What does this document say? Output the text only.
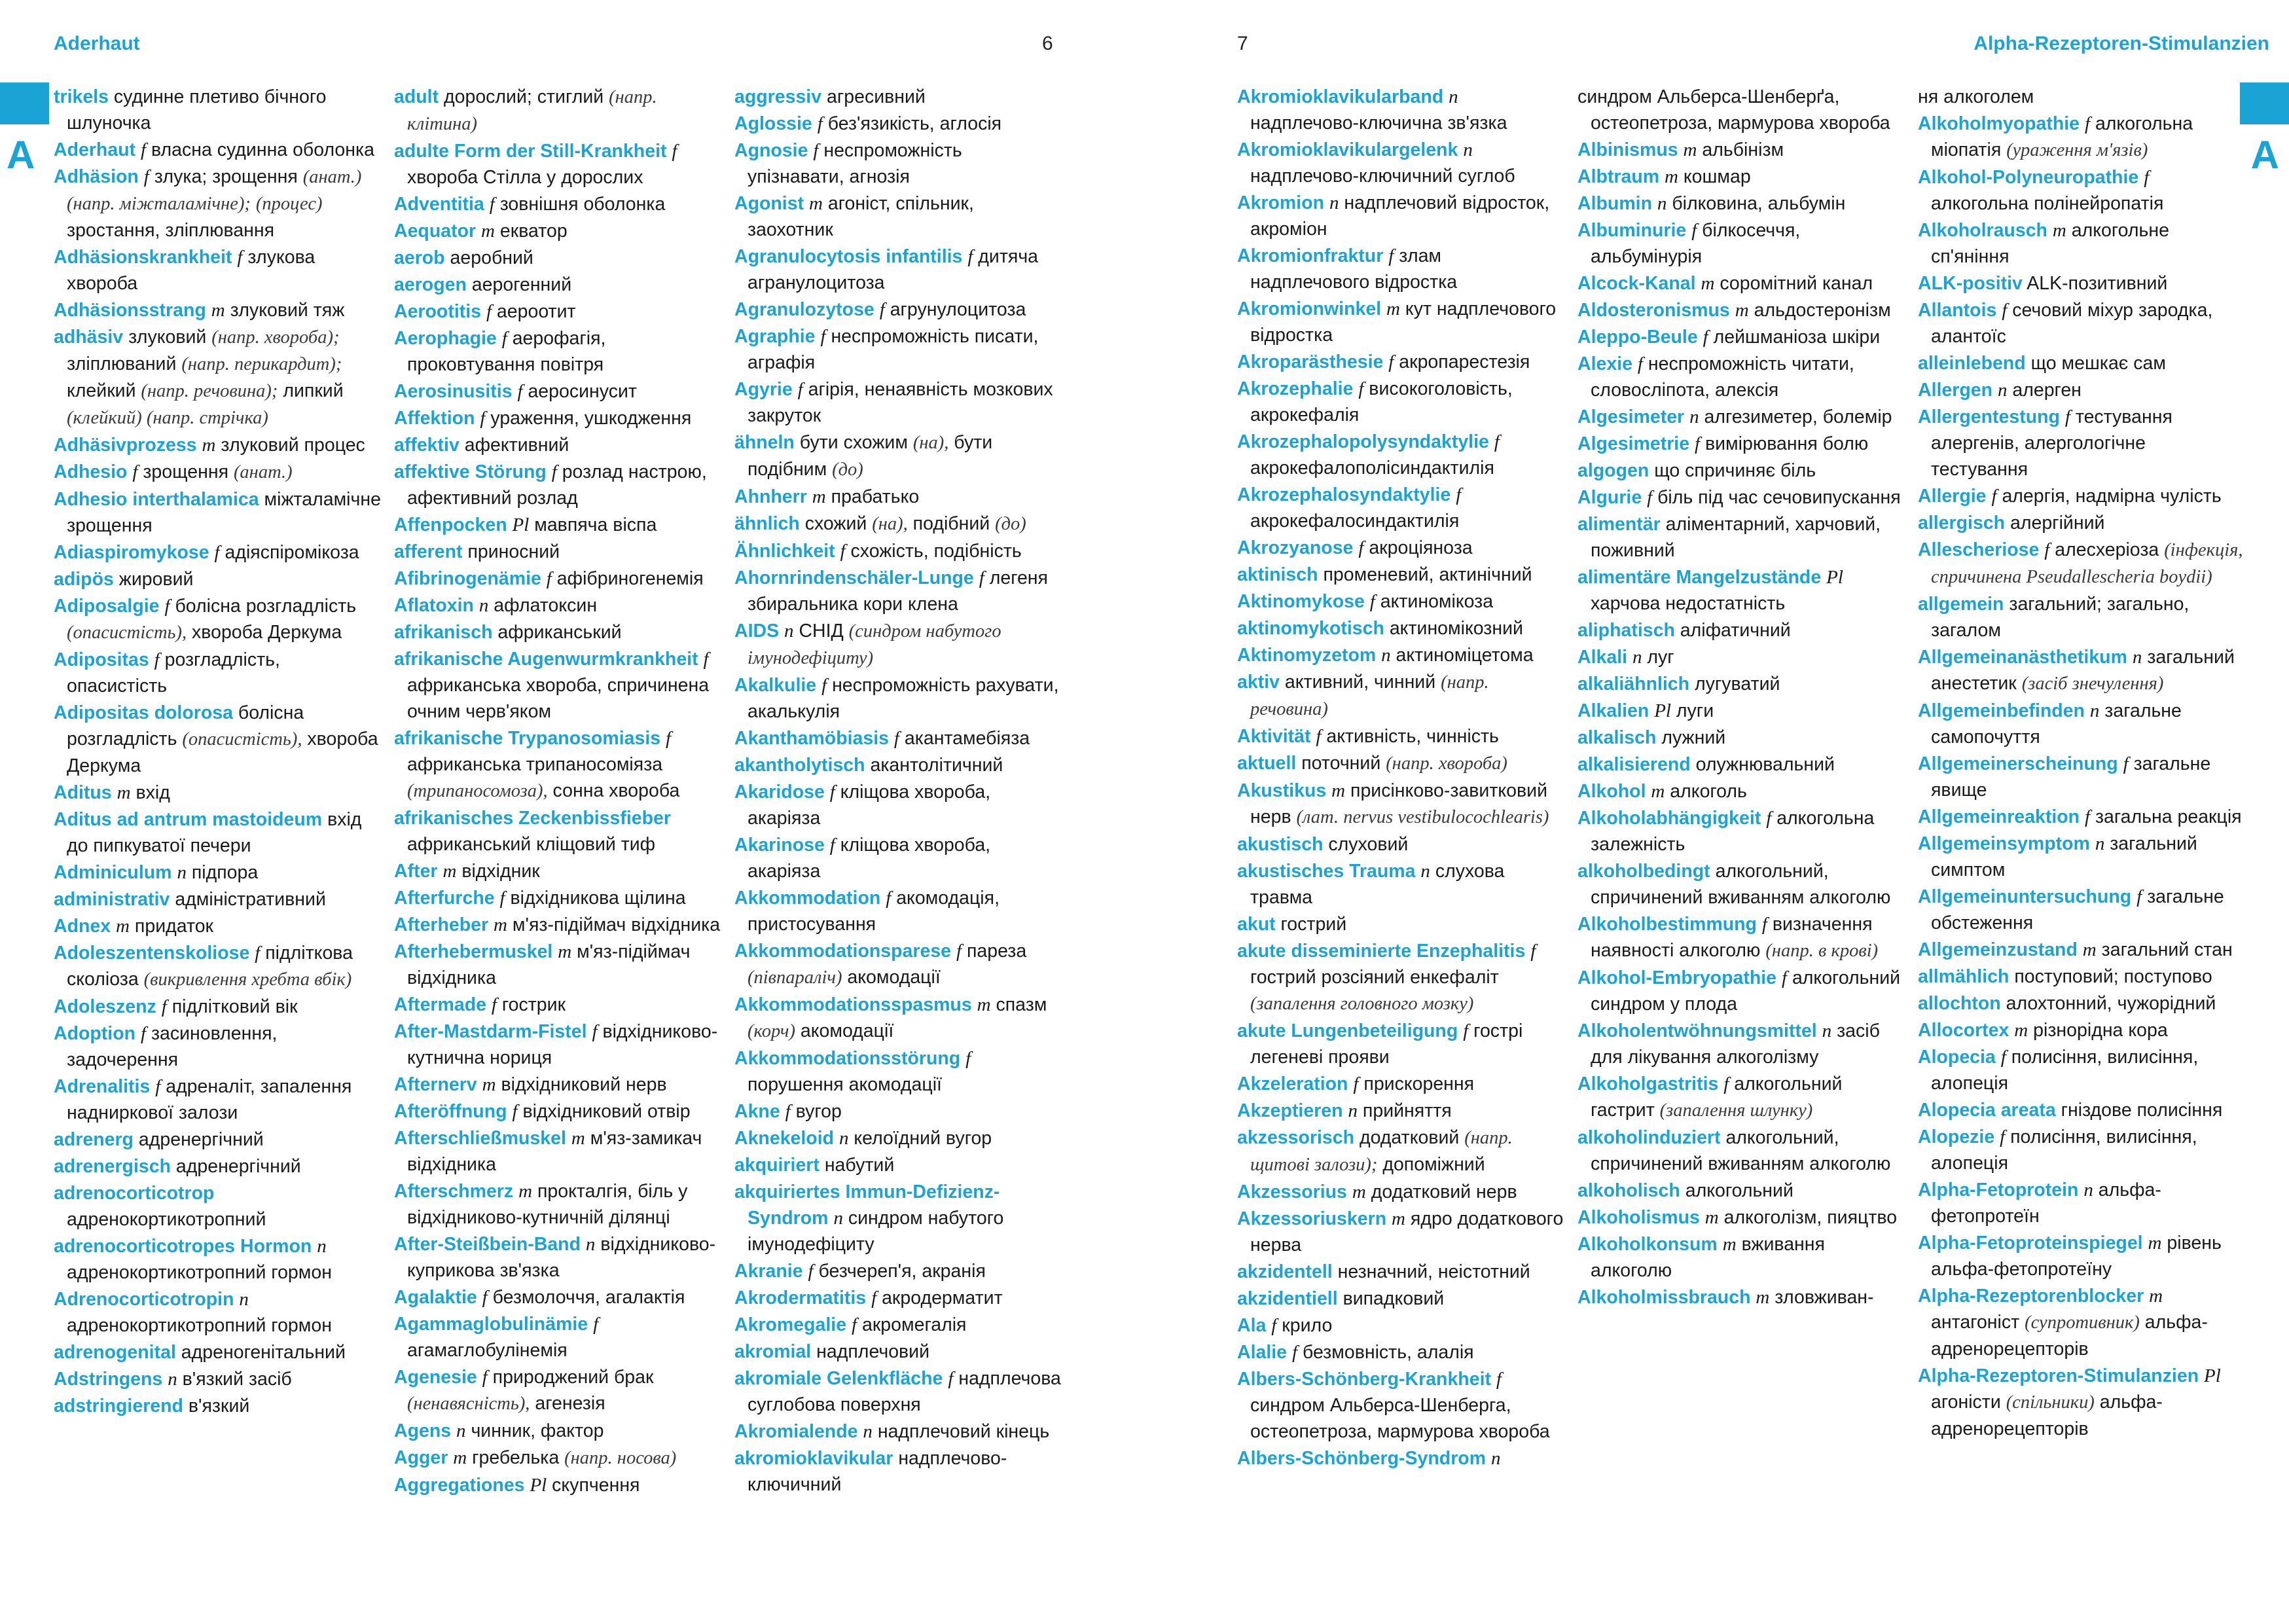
Aderhaut	6
A
trikels судинне плетиво бічного шлуночка
Aderhaut f власна судинна оболонка
Adhäsion f злука; зрощення (анат.) (напр. міжталамічне); (процес) зростання, зліплювання
Adhäsionskrankheit f злукова хвороба
Adhäsionsstrang m злуковий тяж
adhäsiv злуковий (напр. хвороба); зліплюваний (напр. перикардит); клейкий (напр. речовина); липкий (клейкий) (напр. стрічка)
Adhäsivprozess m злуковий процес
Adhesio f зрощення (анат.)
Adhesio interthalamica міжталамічне зрощення
Adiaspiromykose f адіяспіромікоза
adipös жировий
Adiposalgie f болісна розгладлість (опасистість), хвороба Деркума
Adipositas f розгладлість, опасистість
Adipositas dolorosa болісна розгладлість (опасистість), хвороба Деркума
Aditus m вхід
Aditus ad antrum mastoideum вхід до пипкуватої печери
Adminiculum n підпора
administrativ адміністративний
Adnex m придаток
Adoleszentenskoliose f підліткова сколіоза (викривлення хребта вбік)
Adoleszenz f підлітковий вік
Adoption f засиновлення, задочерення
Adrenalitis f адреналіт, запалення надниркової залози
adrenerg адренергічний
adrenergisch адренергічний
adrenocorticotrop адренокортикотропний
adrenocorticotropes Hormon n адренокортикотропний гормон
Adrenocorticotropin n адренокортикотропний гормон
adrenogenital адреногенітальний
Adstringens n в'язкий засіб
adstringierend в'язкий
adult дорослий; стиглий (напр. клітина)
adulte Form der Still-Krankheit f хвороба Стілла у дорослих
Adventitia f зовнішня оболонка
Aequator m екватор
aerob аеробний
aerogen аерогенний
Aerootitis f аероотит
Aerophagie f аерофагія, проковтування повітря
Aerosinusitis f аеросинусит
Affektion f ураження, ушкодження
affektiv афективний
affektive Störung f розлад настрою, афективний розлад
Affenpocken Pl мавпяча віспа
afferent приносний
Afibrinogenämie f афібриногенемія
Aflatoxin n афлатоксин
afrikanisch африканський
afrikanische Augenwurmkrankheit f африканська хвороба, спричинена очним черв'яком
afrikanische Trypanosomiasis f африканська трипаносоміяза (трипаносомоза), сонна хвороба
afrikanisches Zeckenbissfieber африканський кліщовий тиф
After m відхідник
Afterfurche f відхідникова щілина
Afterheber m м'яз-підіймач відхідника
Afterhebermuskel m м'яз-підіймач відхідника
Aftermade f гострик
After-Mastdarm-Fistel f відхідниково-кутнична нориця
Afternerv m відхідниковий нерв
Afteröffnung f відхідниковий отвір
Afterschließmuskel m м'яз-замикач відхідника
Afterschmerz m прокталгія, біль у відхідниково-кутничній ділянці
After-Steißbein-Band n відхідниково-куприкова зв'язка
Agalaktie f безмолоччя, агалактія
Agammaglobulinämie f агамаглобулінемія
Agenesie f природжений брак (ненавясність), агенезія
Agens n чинник, фактор
Agger m гребелька (напр. носова)
Aggregationes Pl скупчення
aggressiv агресивний
Aglossie f без'язикість, аглосія
Agnosie f неспроможність упізнавати, агнозія
Agonist m агоніст, спільник, заохотник
Agranulocytosis infantilis f дитяча агранулоцитоза
Agranulozytose f агрунулоцитоза
Agraphie f неспроможність писати, аграфія
Agyrie f агірія, ненаявність мозкових закруток
ähneln бути схожим (на), бути подібним (до)
Ahnherr m прабатько
ähnlich схожий (на), подібний (до)
Ähnlichkeit f схожість, подібність
Ahornrindenschäler-Lunge f легеня збиральника кори клена
AIDS n СНІД (синдром набутого імунодефіциту)
Akalkulie f неспроможність рахувати, акалькулія
Akanthamöbiasis f акантамебіяза
akantholytisch акантолітичний
Akaridose f кліщова хвороба, акаріяза
Akarinose f кліщова хвороба, акаріяза
Akkommodation f акомодація, пристосування
Akkommodationsparese f пареза (півпараліч) акомодації
Akkommodationsspasmus m спазм (корч) акомодації
Akkommodationsstörung f порушення акомодації
Akne f вугор
Aknekeloid n келоїдний вугор
akquiriert набутий
akquiriertes Immun-Defizienz-Syndrom n синдром набутого імунодефіциту
Akranie f безчереп'я, акранія
Akrodermatitis f акродерматит
Akromegalie f акромегалія
akromial надплечовий
akromiale Gelenkfläche f надплечова суглобова поверхня
Akromialende n надплечовий кінець
akromioklavikular надплечово-ключичний
7	Alpha-Rezeptoren-Stimulanzien
A
Akromioklavikularband n надплечово-ключична зв'язка
Akromioklavikulargelenk n надплечово-ключичний суглоб
Akromion n надплечовий відросток, акроміон
Akromionfraktur f злам надплечового відростка
Akromionwinkel m кут надплечового відростка
Akroparästhesie f акропарестезія
Akrozephalie f високоголовість, акрокефалія
Akrozephalopolysyndaktylie f акрокефалополісиндактилія
Akrozephalosyndaktylie f акрокефалосиндактилія
Akrozyanose f акроціяноза
aktinisch променевий, актинічний
Aktinomykose f актиномікоза
aktinomykotisch актиномікозний
Aktinomyzetom n актиноміцетома
aktiv активний, чинний (напр. речовина)
Aktivität f активність, чинність
aktuell поточний (напр. хвороба)
Akustikus m присінково-завитковий нерв (лат. nervus vestibulocochlearis)
akustisch слуховий
akustisches Trauma n слухова травма
akut гострий
akute disseminierte Enzephalitis f гострий розсіяний енкефаліт (запалення головного мозку)
akute Lungenbeteiligung f гострі легеневі прояви
Akzeleration f прискорення
Akzeptieren n прийняття
akzessorisch додатковий (напр. щитові залози); допоміжний
Akzessorius m додатковий нерв
Akzessoriuskern m ядро додаткового нерва
akzidentell незначний, неістотний
akzidentiell випадковий
Ala f крило
Alalie f безмовність, алалія
Albers-Schönberg-Krankheit f синдром Альберса-Шенберга, остеопетроза, мармурова хвороба
Albers-Schönberg-Syndrom n
синдром Альберса-Шенберґа, остеопетроза, мармурова хвороба
Albinismus m альбінізм
Albtraum m кошмар
Albumin n білковина, альбумін
Albuminurie f білкосеччя, альбумінурія
Alcock-Kanal m соромітний канал
Aldosteronismus m альдостеронізм
Aleppo-Beule f лейшманіоза шкіри
Alexie f неспроможність читати, словосліпота, алексія
Algesimeter n алгезиметер, болемір
Algesimetrie f вимірювання болю
algogen що спричиняє біль
Algurie f біль під час сечовипускання
alimentär аліментарний, харчовий, поживний
alimentäre Mangelzustände Pl харчова недостатність
aliphatisch аліфатичний
Alkali n луг
alkaliähnlich лугуватий
Alkalien Pl луги
alkalisch лужний
alkalisierend олужнювальний
Alkohol m алкоголь
Alkoholabhängigkeit f алкогольна залежність
alkoholbedingt алкогольний, спричинений вживанням алкоголю
Alkoholbestimmung f визначення наявності алкоголю (напр. в крові)
Alkohol-Embryopathie f алкогольний синдром у плода
Alkoholentwöhnungsmittel n засіб для лікування алкоголізму
Alkoholgastritis f алкогольний гастрит (запалення шлунку)
alkoholinduziert алкогольний, спричинений вживанням алкоголю
alkoholisch алкогольний
Alkoholismus m алкоголізм, пияцтво
Alkoholkonsum m вживання алкоголю
Alkoholmissbrauch m зловживан-
ня алкоголем
Alkoholmyopathie f алкогольна міопатія (ураження м'язів)
Alkohol-Polyneuropathie f алкогольна полінейропатія
Alkoholrausch m алкогольне сп'яніння
ALK-positiv ALK-позитивний
Allantois f сечовий міхур зародка, алантоїс
alleinlebend що мешкає сам
Allergen n алерген
Allergentestung f тестування алергенів, алергологічне тестування
Allergie f алергія, надмірна чулість
allergisch алергійний
Allescheriose f алесхеріоза (інфекція, спричинена Pseudallescheria boydii)
allgemein загальний; загально, загалом
Allgemeinanästhetikum n загальний анестетик (засіб знечулення)
Allgemeinbefinden n загальне самопочуття
Allgemeinerscheinung f загальне явище
Allgemeinreaktion f загальна реакція
Allgemeinsymptom n загальний симптом
Allgemeinuntersuchung f загальне обстеження
Allgemeinzustand m загальний стан
allmählich поступовий; поступово
allochton алохтонний, чужорідний
Allocortex m різнорідна кора
Alopecia f полисіння, вилисіння, алопеція
Alopecia areata гніздове полисіння
Alopezie f полисіння, вилисіння, алопеція
Alpha-Fetoprotein n альфа-фетопротеїн
Alpha-Fetoproteinspiegel m рівень альфа-фетопротеїну
Alpha-Rezeptorenblocker m антагоніст (супротивник) альфа-адренорецепторів
Alpha-Rezeptoren-Stimulanzien Pl агоністи (спільники) альфа-адренорецепторів
